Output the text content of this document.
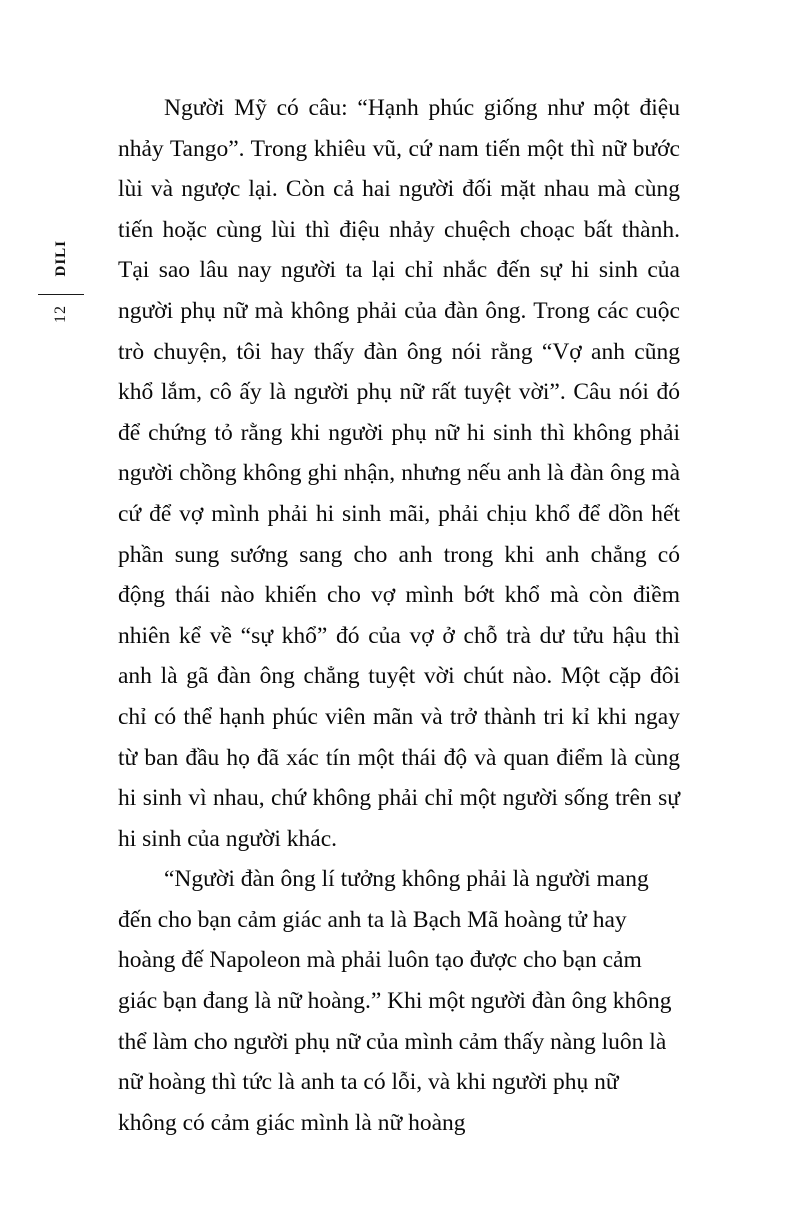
DILI
12

Người Mỹ có câu: “Hạnh phúc giống như một điệu nhảy Tango”. Trong khiêu vũ, cứ nam tiến một thì nữ bước lùi và ngược lại. Còn cả hai người đối mặt nhau mà cùng tiến hoặc cùng lùi thì điệu nhảy chuệch choạc bất thành. Tại sao lâu nay người ta lại chỉ nhắc đến sự hi sinh của người phụ nữ mà không phải của đàn ông. Trong các cuộc trò chuyện, tôi hay thấy đàn ông nói rằng “Vợ anh cũng khổ lắm, cô ấy là người phụ nữ rất tuyệt vời”. Câu nói đó để chứng tỏ rằng khi người phụ nữ hi sinh thì không phải người chồng không ghi nhận, nhưng nếu anh là đàn ông mà cứ để vợ mình phải hi sinh mãi, phải chịu khổ để dồn hết phần sung sướng sang cho anh trong khi anh chẳng có động thái nào khiến cho vợ mình bớt khổ mà còn điềm nhiên kể về “sự khổ” đó của vợ ở chỗ trà dư tửu hậu thì anh là gã đàn ông chẳng tuyệt vời chút nào. Một cặp đôi chỉ có thể hạnh phúc viên mãn và trở thành tri kỉ khi ngay từ ban đầu họ đã xác tín một thái độ và quan điểm là cùng hi sinh vì nhau, chứ không phải chỉ một người sống trên sự hi sinh của người khác.

“Người đàn ông lí tưởng không phải là người mang đến cho bạn cảm giác anh ta là Bạch Mã hoàng tử hay hoàng đế Napoleon mà phải luôn tạo được cho bạn cảm giác bạn đang là nữ hoàng.” Khi một người đàn ông không thể làm cho người phụ nữ của mình cảm thấy nàng luôn là nữ hoàng thì tức là anh ta có lỗi, và khi người phụ nữ không có cảm giác mình là nữ hoàng
